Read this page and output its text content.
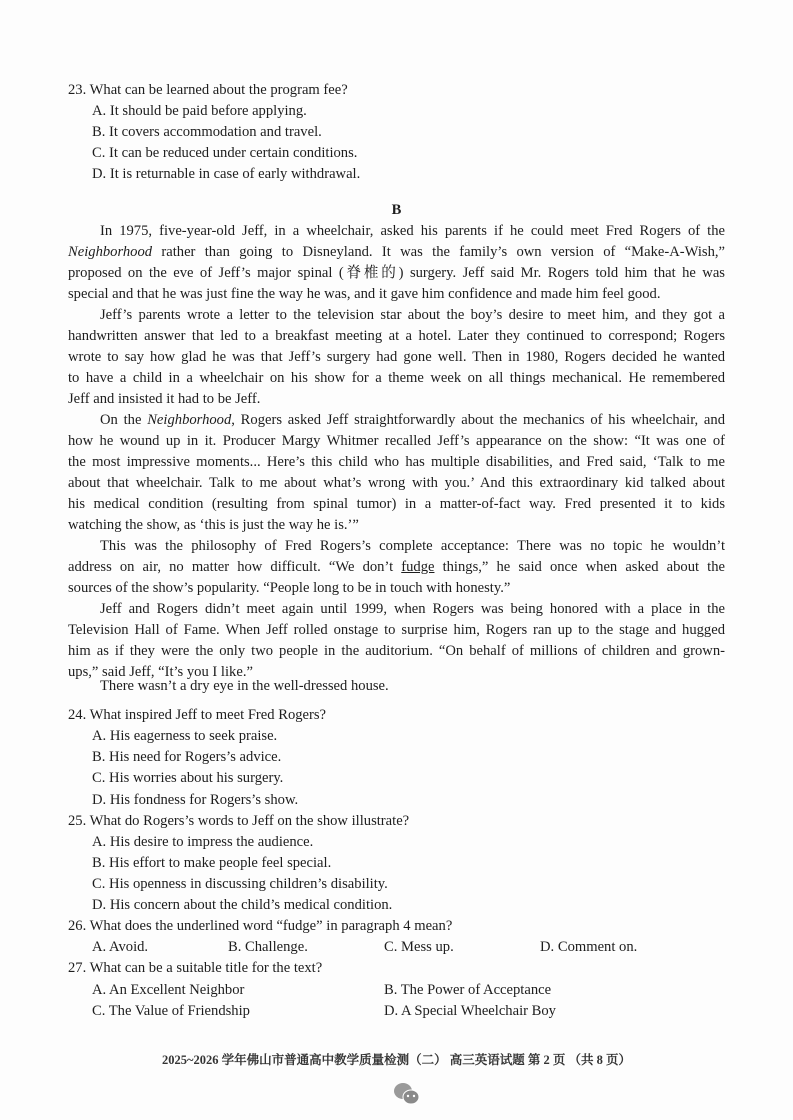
23. What can be learned about the program fee?
A. It should be paid before applying.
B. It covers accommodation and travel.
C. It can be reduced under certain conditions.
D. It is returnable in case of early withdrawal.
B
In 1975, five-year-old Jeff, in a wheelchair, asked his parents if he could meet Fred Rogers of the
Neighborhood rather than going to Disneyland. It was the family’s own version of “Make-A-Wish,”
proposed on the eve of Jeff’s major spinal (脊椎的) surgery. Jeff said Mr. Rogers told him that he was
special and that he was just fine the way he was, and it gave him confidence and made him feel good.
Jeff’s parents wrote a letter to the television star about the boy’s desire to meet him, and they got a
handwritten answer that led to a breakfast meeting at a hotel. Later they continued to correspond; Rogers
wrote to say how glad he was that Jeff’s surgery had gone well. Then in 1980, Rogers decided he wanted
to have a child in a wheelchair on his show for a theme week on all things mechanical. He remembered
Jeff and insisted it had to be Jeff.
On the Neighborhood, Rogers asked Jeff straightforwardly about the mechanics of his wheelchair, and
how he wound up in it. Producer Margy Whitmer recalled Jeff’s appearance on the show: “It was one of
the most impressive moments... Here’s this child who has multiple disabilities, and Fred said, ‘Talk to me
about that wheelchair. Talk to me about what’s wrong with you.’ And this extraordinary kid talked about
his medical condition (resulting from spinal tumor) in a matter-of-fact way. Fred presented it to kids
watching the show, as ‘this is just the way he is.’”
This was the philosophy of Fred Rogers’s complete acceptance: There was no topic he wouldn’t
address on air, no matter how difficult. “We don’t fudge things,” he said once when asked about the
sources of the show’s popularity. “People long to be in touch with honesty.”
Jeff and Rogers didn’t meet again until 1999, when Rogers was being honored with a place in the
Television Hall of Fame. When Jeff rolled onstage to surprise him, Rogers ran up to the stage and hugged
him as if they were the only two people in the auditorium. “On behalf of millions of children and grown-
ups,” said Jeff, “It’s you I like.”
There wasn’t a dry eye in the well-dressed house.
24. What inspired Jeff to meet Fred Rogers?
A. His eagerness to seek praise.
B. His need for Rogers’s advice.
C. His worries about his surgery.
D. His fondness for Rogers’s show.
25. What do Rogers’s words to Jeff on the show illustrate?
A. His desire to impress the audience.
B. His effort to make people feel special.
C. His openness in discussing children’s disability.
D. His concern about the child’s medical condition.
26. What does the underlined word “fudge” in paragraph 4 mean?
A. Avoid.	B. Challenge.	C. Mess up.	D. Comment on.
27. What can be a suitable title for the text?
A. An Excellent Neighbor	B. The Power of Acceptance
C. The Value of Friendship	D. A Special Wheelchair Boy
2025~2026 学年佛山市普通高中教学质量检测（二） 高三英语试题 第 2 页 （共 8 页）
